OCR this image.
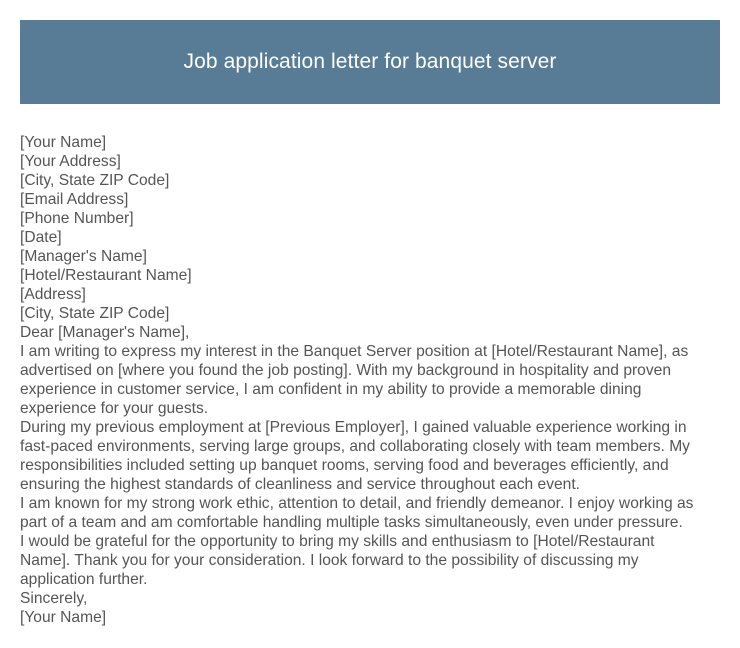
Job application letter for banquet server
[Your Name]
[Your Address]
[City, State ZIP Code]
[Email Address]
[Phone Number]
[Date]
[Manager's Name]
[Hotel/Restaurant Name]
[Address]
[City, State ZIP Code]
Dear [Manager's Name],
I am writing to express my interest in the Banquet Server position at [Hotel/Restaurant Name], as
advertised on [where you found the job posting]. With my background in hospitality and proven
experience in customer service, I am confident in my ability to provide a memorable dining
experience for your guests.
During my previous employment at [Previous Employer], I gained valuable experience working in
fast-paced environments, serving large groups, and collaborating closely with team members. My
responsibilities included setting up banquet rooms, serving food and beverages efficiently, and
ensuring the highest standards of cleanliness and service throughout each event.
I am known for my strong work ethic, attention to detail, and friendly demeanor. I enjoy working as
part of a team and am comfortable handling multiple tasks simultaneously, even under pressure.
I would be grateful for the opportunity to bring my skills and enthusiasm to [Hotel/Restaurant
Name]. Thank you for your consideration. I look forward to the possibility of discussing my
application further.
Sincerely,
[Your Name]
